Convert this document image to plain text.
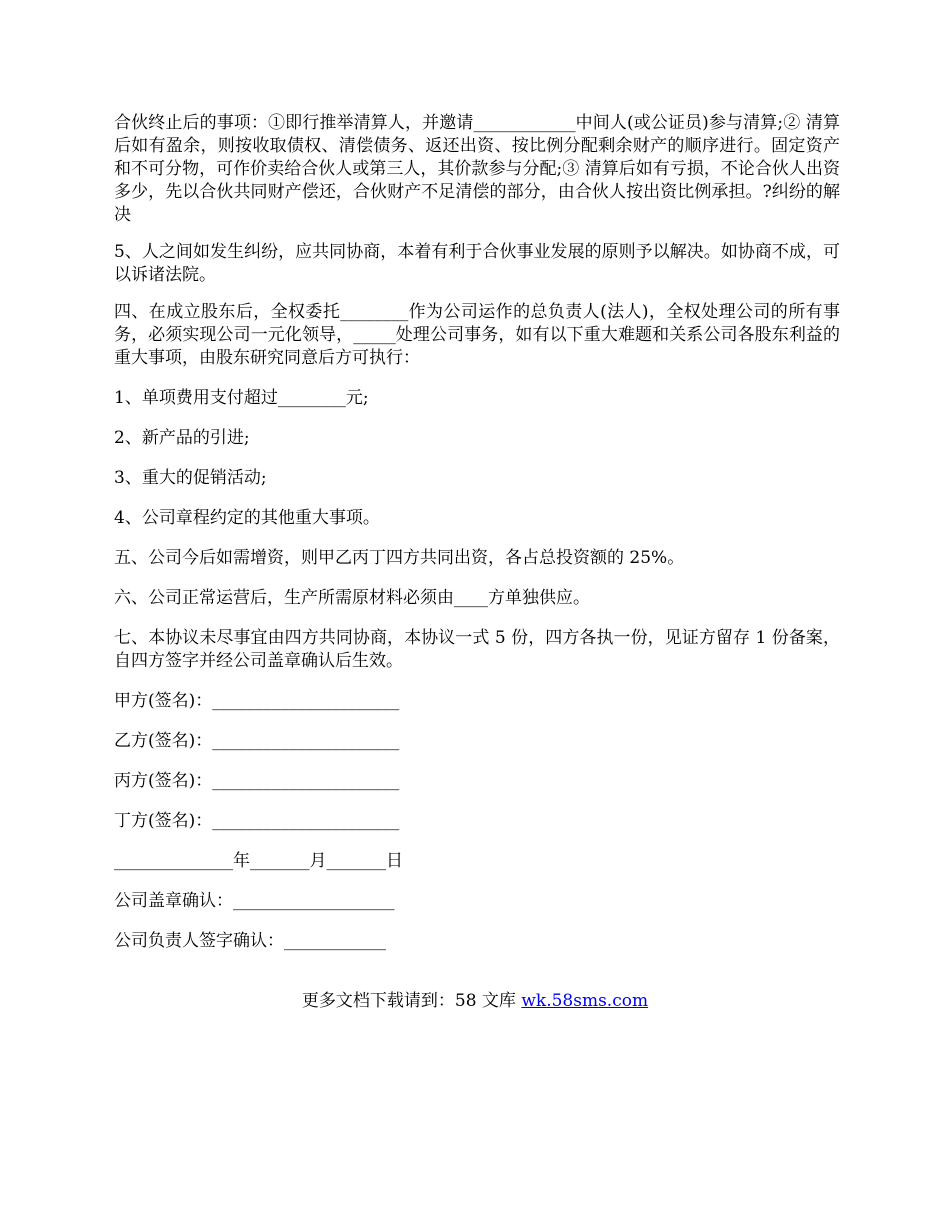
合伙终止后的事项：①即行推举清算人，并邀请____________中间人(或公证员)参与清算;② 清算后如有盈余，则按收取债权、清偿债务、返还出资、按比例分配剩余财产的顺序进行。固定资产和不可分物，可作价卖给合伙人或第三人，其价款参与分配;③ 清算后如有亏损，不论合伙人出资多少，先以合伙共同财产偿还，合伙财产不足清偿的部分，由合伙人按出资比例承担。?纠纷的解决

5、人之间如发生纠纷，应共同协商，本着有利于合伙事业发展的原则予以解决。如协商不成，可以诉诸法院。

四、在成立股东后，全权委托________作为公司运作的总负责人(法人)，全权处理公司的所有事务，必须实现公司一元化领导，_____处理公司事务，如有以下重大难题和关系公司各股东利益的重大事项，由股东研究同意后方可执行：

1、单项费用支付超过________元;

2、新产品的引进;

3、重大的促销活动;

4、公司章程约定的其他重大事项。

五、公司今后如需增资，则甲乙丙丁四方共同出资，各占总投资额的 25%。

六、公司正常运营后，生产所需原材料必须由____方单独供应。

七、本协议未尽事宜由四方共同协商，本协议一式 5 份，四方各执一份，见证方留存 1 份备案，自四方签字并经公司盖章确认后生效。

甲方(签名)：______________________

乙方(签名)：______________________

丙方(签名)：______________________

丁方(签名)：______________________

______________年_______月_______日

公司盖章确认：___________________

公司负责人签字确认：____________

更多文档下载请到：58 文库 wk.58sms.com
